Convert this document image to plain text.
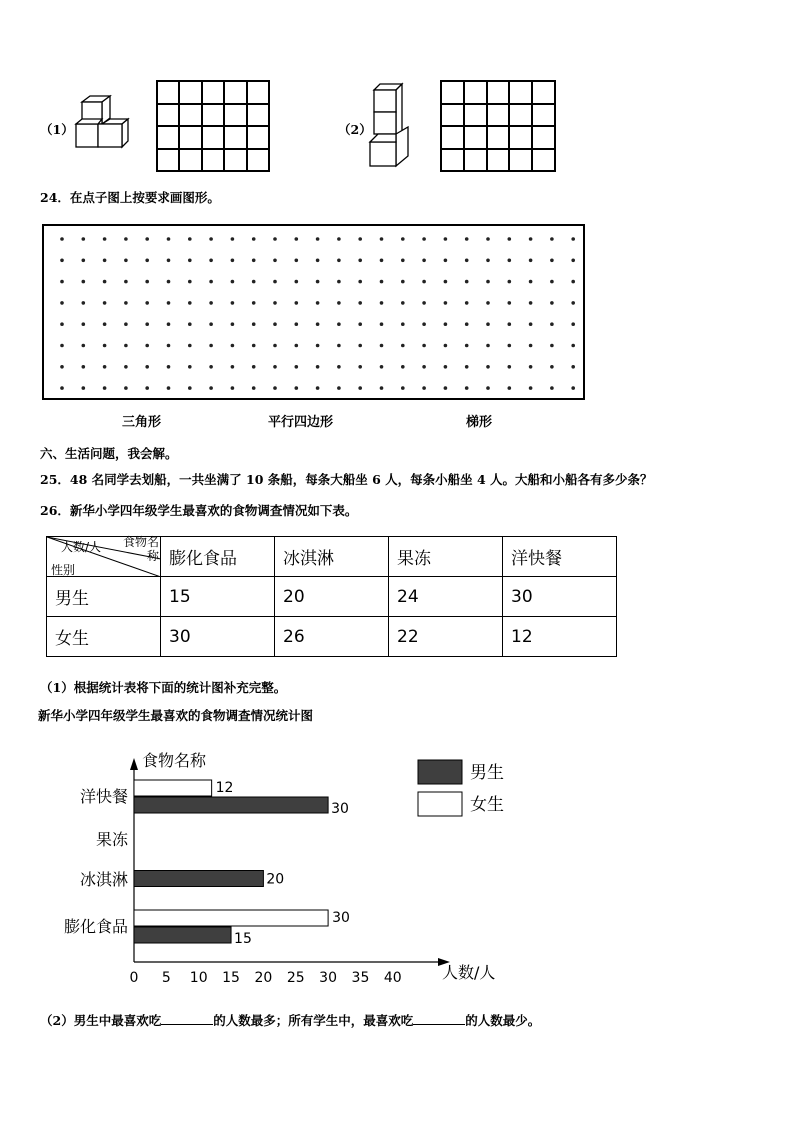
（1）	（2）
24．在点子图上按要求画图形。
三角形	平行四边形	梯形
六、生活问题，我会解。
25．48 名同学去划船，一共坐满了 10 条船，每条大船坐 6 人，每条小船坐 4 人。大船和小船各有多少条？
26．新华小学四年级学生最喜欢的食物调查情况如下表。
人数/人 食物名称
性别	膨化食品	冰淇淋	果冻	洋快餐
男生	15	20	24	30
女生	30	26	22	12
（1）根据统计表将下面的统计图补充完整。
新华小学四年级学生最喜欢的食物调查情况统计图
食物名称
人数/人
0 5 10 15 20 25 30 35 40
膨化食品
冰淇淋
果冻
洋快餐
30
15
20
12
30
男生
女生
（2）男生中最喜欢吃	的人数最多；所有学生中，最喜欢吃	的人数最少。
